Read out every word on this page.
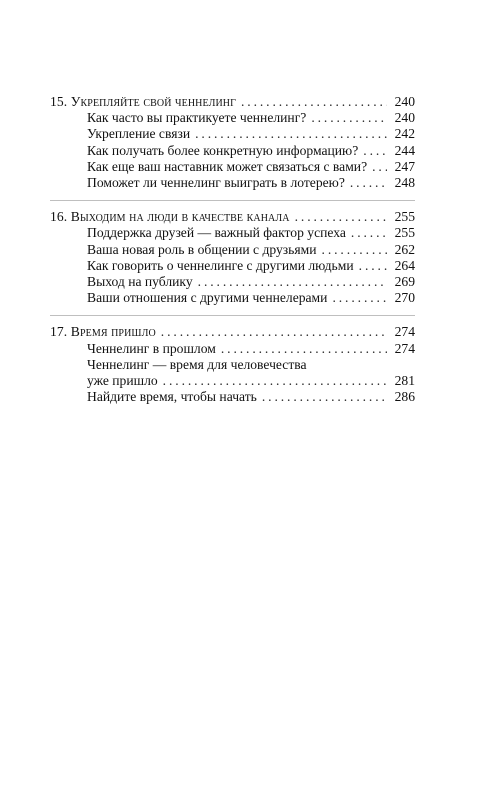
15. Укрепляйте свой ченнелинг . . .	240
Как часто вы практикуете ченнелинг? . . .	240
Укрепление связи . . .	242
Как получать более конкретную информацию? . . .	244
Как еще ваш наставник может связаться с вами? . . . 247
Поможет ли ченнелинг выиграть в лотерею? . . .	248
16. Выходим на люди в качестве канала . . .	255
Поддержка друзей — важный фактор успеха . . .	255
Ваша новая роль в общении с друзьями . . .	262
Как говорить о ченнелинге с другими людьми . . .	264
Выход на публику . . .	269
Ваши отношения с другими ченнелерами . . .	270
17. Время пришло . . .	274
Ченнелинг в прошлом . . .	274
Ченнелинг — время для человечества
уже пришло . . .	281
Найдите время, чтобы начать . . .	286
